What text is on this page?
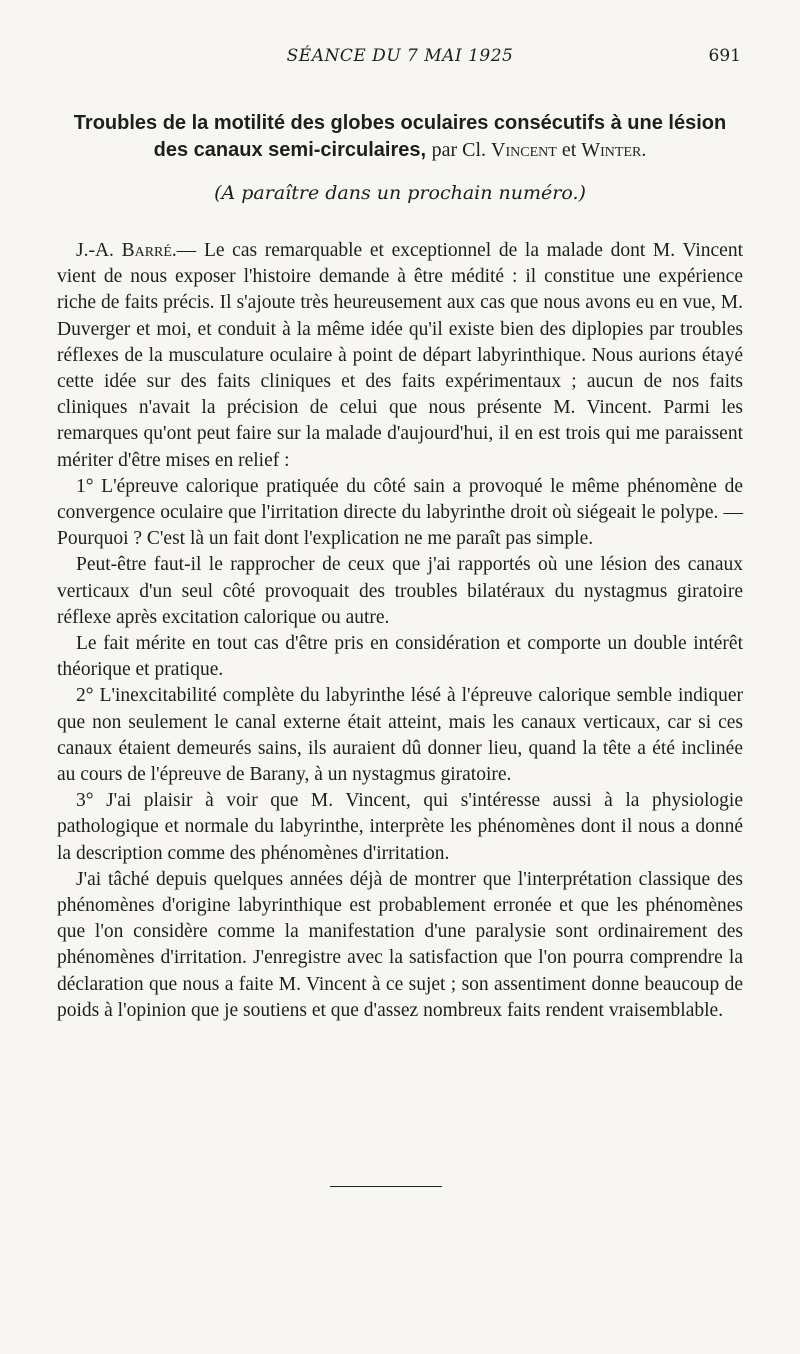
SÉANCE DU 7 MAI 1925	691
Troubles de la motilité des globes oculaires consécutifs à une lésion des canaux semi-circulaires, par Cl. Vincent et Winter.
(A paraître dans un prochain numéro.)

J.-A. Barré.— Le cas remarquable et exceptionnel de la malade dont M. Vincent vient de nous exposer l'histoire demande à être médité : il constitue une expérience riche de faits précis. Il s'ajoute très heureusement aux cas que nous avons eu en vue, M. Duverger et moi, et conduit à la même idée qu'il existe bien des diplopies par troubles réflexes de la musculature oculaire à point de départ labyrinthique. Nous aurions étayé cette idée sur des faits cliniques et des faits expérimentaux ; aucun de nos faits cliniques n'avait la précision de celui que nous présente M. Vincent. Parmi les remarques qu'ont peut faire sur la malade d'aujourd'hui, il en est trois qui me paraissent mériter d'être mises en relief :

1° L'épreuve calorique pratiquée du côté sain a provoqué le même phénomène de convergence oculaire que l'irritation directe du labyrinthe droit où siégeait le polype. — Pourquoi ? C'est là un fait dont l'explication ne me paraît pas simple.

Peut-être faut-il le rapprocher de ceux que j'ai rapportés où une lésion des canaux verticaux d'un seul côté provoquait des troubles bilatéraux du nystagmus giratoire réflexe après excitation calorique ou autre.

Le fait mérite en tout cas d'être pris en considération et comporte un double intérêt théorique et pratique.

2° L'inexcitabilité complète du labyrinthe lésé à l'épreuve calorique semble indiquer que non seulement le canal externe était atteint, mais les canaux verticaux, car si ces canaux étaient demeurés sains, ils auraient dû donner lieu, quand la tête a été inclinée au cours de l'épreuve de Barany, à un nystagmus giratoire.

3° J'ai plaisir à voir que M. Vincent, qui s'intéresse aussi à la physiologie pathologique et normale du labyrinthe, interprète les phénomènes dont il nous a donné la description comme des phénomènes d'irritation.

J'ai tâché depuis quelques années déjà de montrer que l'interprétation classique des phénomènes d'origine labyrinthique est probablement erronée et que les phénomènes que l'on considère comme la manifestation d'une paralysie sont ordinairement des phénomènes d'irritation. J'enregistre avec la satisfaction que l'on pourra comprendre la déclaration que nous a faite M. Vincent à ce sujet ; son assentiment donne beaucoup de poids à l'opinion que je soutiens et que d'assez nombreux faits rendent vraisemblable.
